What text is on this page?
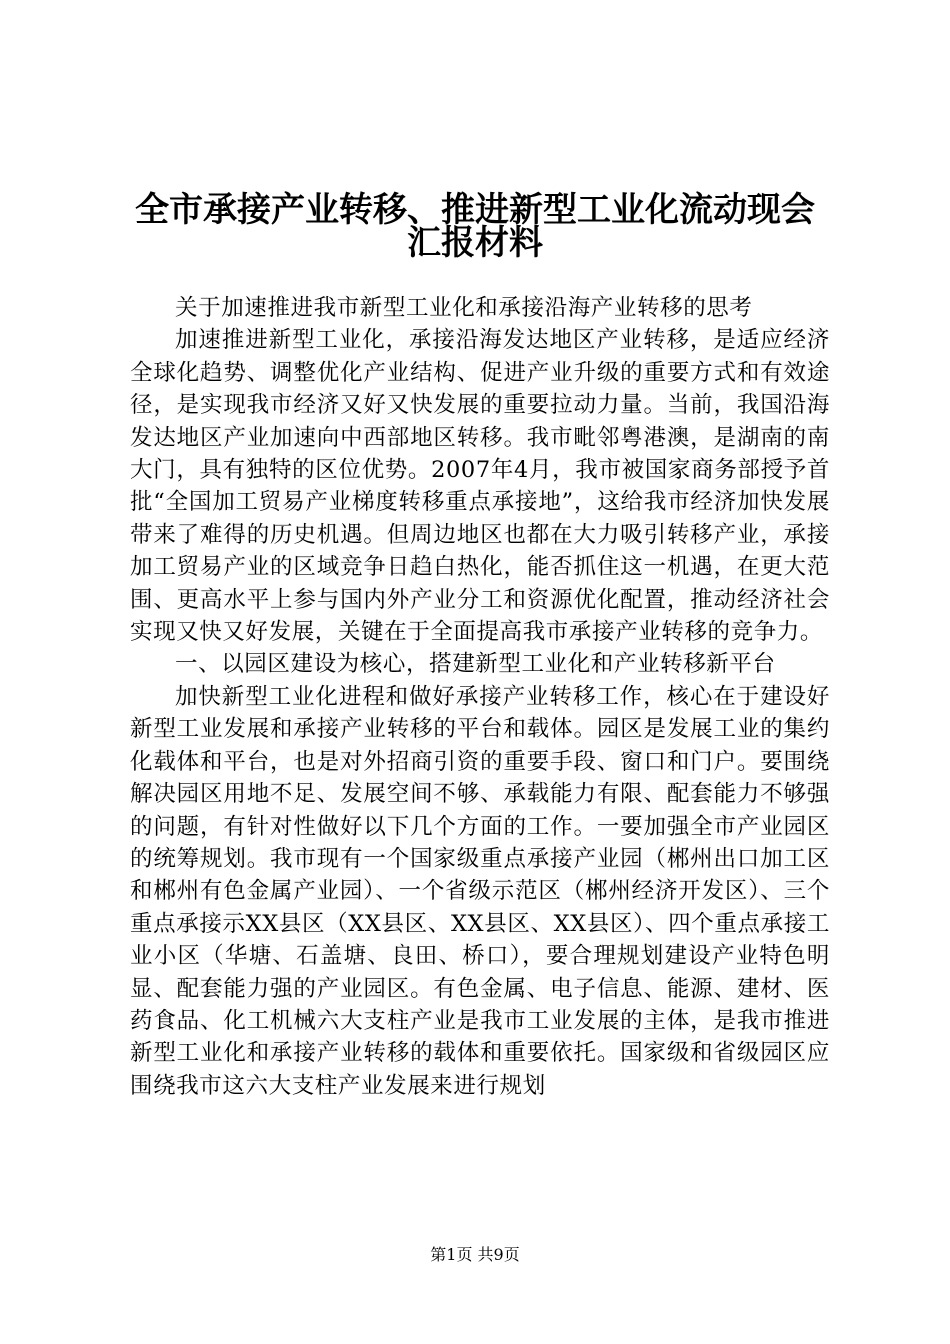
全市承接产业转移、推进新型工业化流动现会
汇报材料

关于加速推进我市新型工业化和承接沿海产业转移的思考

加速推进新型工业化，承接沿海发达地区产业转移，是适应经济全球化趋势、调整优化产业结构、促进产业升级的重要方式和有效途径，是实现我市经济又好又快发展的重要拉动力量。当前，我国沿海发达地区产业加速向中西部地区转移。我市毗邻粤港澳，是湖南的南大门，具有独特的区位优势。2007年4月，我市被国家商务部授予首批“全国加工贸易产业梯度转移重点承接地”，这给我市经济加快发展带来了难得的历史机遇。但周边地区也都在大力吸引转移产业，承接加工贸易产业的区域竞争日趋白热化，能否抓住这一机遇，在更大范围、更高水平上参与国内外产业分工和资源优化配置，推动经济社会实现又快又好发展，关键在于全面提高我市承接产业转移的竞争力。

一、以园区建设为核心，搭建新型工业化和产业转移新平台

加快新型工业化进程和做好承接产业转移工作，核心在于建设好新型工业发展和承接产业转移的平台和载体。园区是发展工业的集约化载体和平台，也是对外招商引资的重要手段、窗口和门户。要围绕解决园区用地不足、发展空间不够、承载能力有限、配套能力不够强的问题，有针对性做好以下几个方面的工作。一要加强全市产业园区的统筹规划。我市现有一个国家级重点承接产业园（郴州出口加工区和郴州有色金属产业园）、一个省级示范区（郴州经济开发区）、三个重点承接示XX县区（XX县区、XX县区、XX县区）、四个重点承接工业小区（华塘、石盖塘、良田、桥口），要合理规划建设产业特色明显、配套能力强的产业园区。有色金属、电子信息、能源、建材、医药食品、化工机械六大支柱产业是我市工业发展的主体，是我市推进新型工业化和承接产业转移的载体和重要依托。国家级和省级园区应围绕我市这六大支柱产业发展来进行规划

第1页 共9页
